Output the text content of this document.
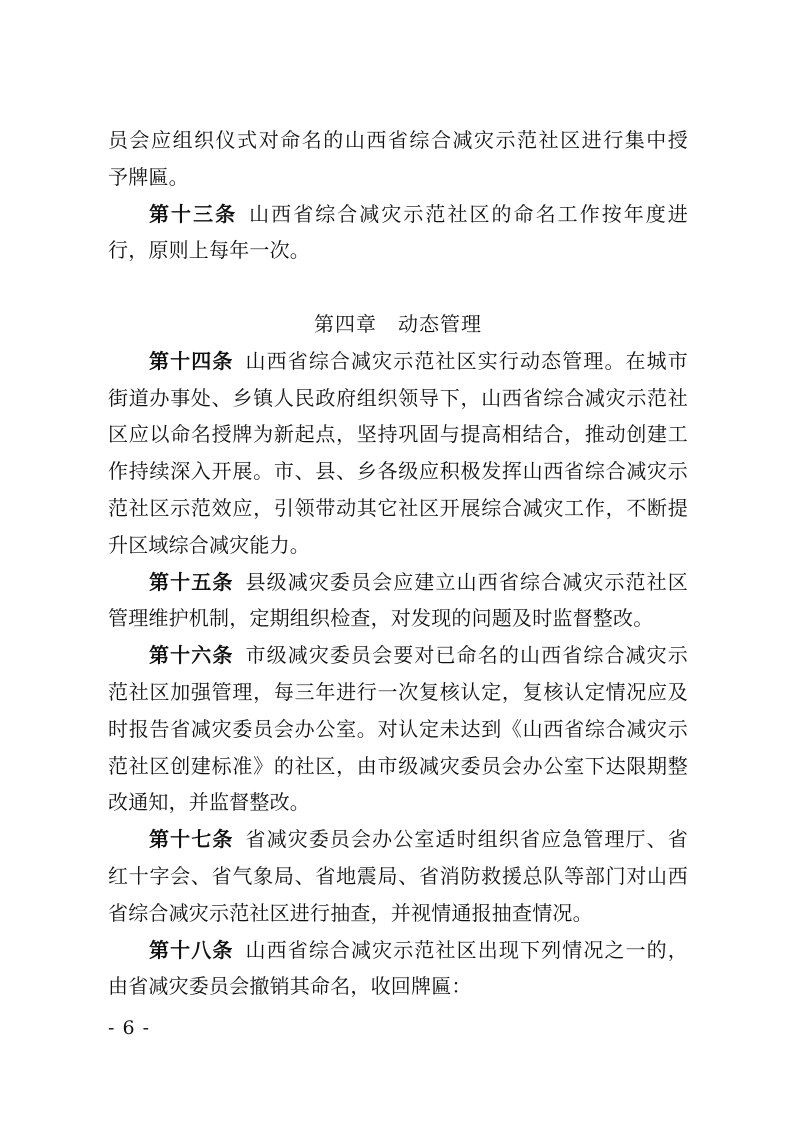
员会应组织仪式对命名的山西省综合减灾示范社区进行集中授
予牌匾。
第十三条 山西省综合减灾示范社区的命名工作按年度进
行，原则上每年一次。
第四章　动态管理
第十四条 山西省综合减灾示范社区实行动态管理。在城市
街道办事处、乡镇人民政府组织领导下，山西省综合减灾示范社
区应以命名授牌为新起点，坚持巩固与提高相结合，推动创建工
作持续深入开展。市、县、乡各级应积极发挥山西省综合减灾示
范社区示范效应，引领带动其它社区开展综合减灾工作，不断提
升区域综合减灾能力。
第十五条 县级减灾委员会应建立山西省综合减灾示范社区
管理维护机制，定期组织检查，对发现的问题及时监督整改。
第十六条 市级减灾委员会要对已命名的山西省综合减灾示
范社区加强管理，每三年进行一次复核认定，复核认定情况应及
时报告省减灾委员会办公室。对认定未达到《山西省综合减灾示
范社区创建标准》的社区，由市级减灾委员会办公室下达限期整
改通知，并监督整改。
第十七条 省减灾委员会办公室适时组织省应急管理厅、省
红十字会、省气象局、省地震局、省消防救援总队等部门对山西
省综合减灾示范社区进行抽查，并视情通报抽查情况。
第十八条 山西省综合减灾示范社区出现下列情况之一的，
由省减灾委员会撤销其命名，收回牌匾：
- 6 -
